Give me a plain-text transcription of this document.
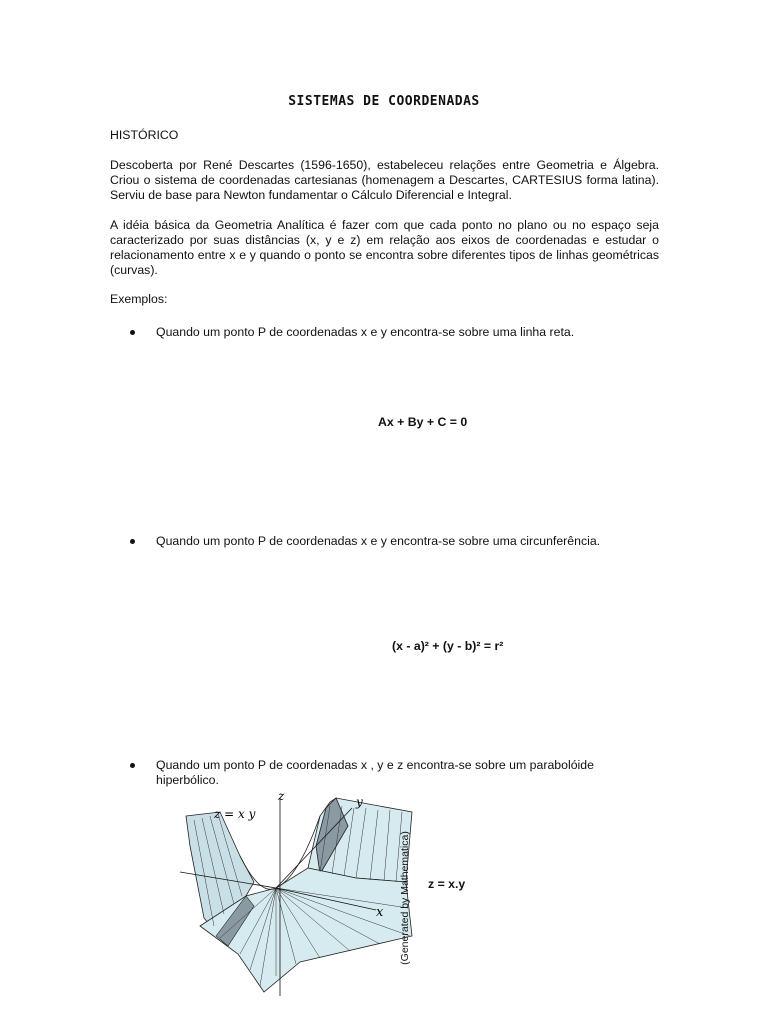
SISTEMAS DE COORDENADAS
HISTÓRICO
Descoberta por René Descartes (1596-1650), estabeleceu relações entre Geometria e Álgebra. Criou o sistema de coordenadas cartesianas (homenagem a Descartes, CARTESIUS forma latina). Serviu de base para Newton fundamentar o Cálculo Diferencial e Integral.
A idéia básica da Geometria Analítica é fazer com que cada ponto no plano ou no espaço seja caracterizado por suas distâncias (x, y e z) em relação aos eixos de coordenadas e estudar o relacionamento entre x e y quando o ponto se encontra sobre diferentes tipos de linhas geométricas (curvas).
Exemplos:
Quando um ponto P de coordenadas x e y encontra-se sobre uma linha reta.
Ax + By + C = 0
Quando um ponto P de coordenadas x e y encontra-se sobre uma circunferência.
(x - a)² + (y - b)² = r²
Quando um ponto P de coordenadas x , y e z encontra-se sobre um parabolóide hiperbólico.
z	y
x
z = x y
(Generated by Mathematica) z = x.y
